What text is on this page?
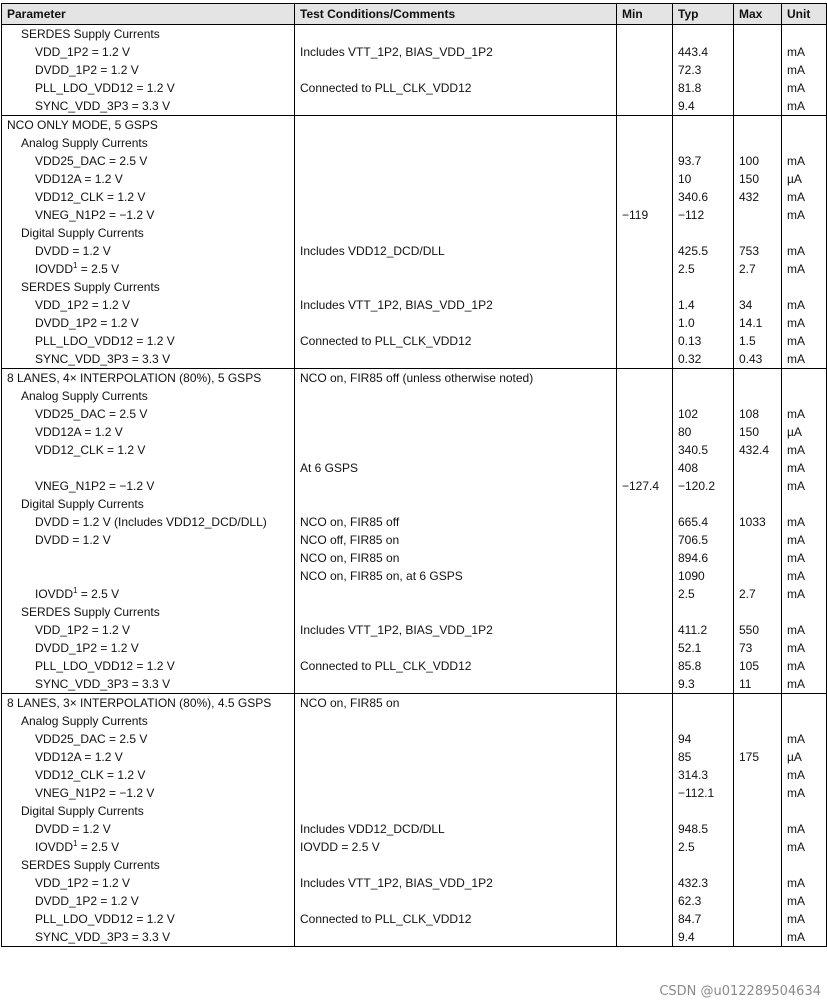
Parameter	Test Conditions/Comments	Min	Typ	Max	Unit
SERDES Supply Currents					
VDD_1P2 = 1.2 V	Includes VTT_1P2, BIAS_VDD_1P2		443.4		mA
DVDD_1P2 = 1.2 V			72.3		mA
PLL_LDO_VDD12 = 1.2 V	Connected to PLL_CLK_VDD12		81.8		mA
SYNC_VDD_3P3 = 3.3 V			9.4		mA
NCO ONLY MODE, 5 GSPS					
Analog Supply Currents					
VDD25_DAC = 2.5 V			93.7	100	mA
VDD12A = 1.2 V			10	150	µA
VDD12_CLK = 1.2 V			340.6	432	mA
VNEG_N1P2 = −1.2 V		−119	−112		mA
Digital Supply Currents					
DVDD = 1.2 V	Includes VDD12_DCD/DLL		425.5	753	mA
$IOVDD^1 = 2.5$ V			2.5	2.7	mA
SERDES Supply Currents					
VDD_1P2 = 1.2 V	Includes VTT_1P2, BIAS_VDD_1P2		1.4	34	mA
DVDD_1P2 = 1.2 V			1.0	14.1	mA
PLL_LDO_VDD12 = 1.2 V	Connected to PLL_CLK_VDD12		0.13	1.5	mA
SYNC_VDD_3P3 = 3.3 V			0.32	0.43	mA
8 LANES, 4× INTERPOLATION (80%), 5 GSPS	NCO on, FIR85 off (unless otherwise noted)				
Analog Supply Currents					
VDD25_DAC = 2.5 V			102	108	mA
VDD12A = 1.2 V			80	150	µA
VDD12_CLK = 1.2 V			340.5	432.4	mA
	At 6 GSPS		408		mA
VNEG_N1P2 = −1.2 V		−127.4	−120.2		mA
Digital Supply Currents					
DVDD = 1.2 V (Includes VDD12_DCD/DLL)	NCO on, FIR85 off		665.4	1033	mA
DVDD = 1.2 V	NCO off, FIR85 on		706.5		mA
	NCO on, FIR85 on		894.6		mA
	NCO on, FIR85 on, at 6 GSPS		1090		mA
$IOVDD^1 = 2.5$ V			2.5	2.7	mA
SERDES Supply Currents					
VDD_1P2 = 1.2 V	Includes VTT_1P2, BIAS_VDD_1P2		411.2	550	mA
DVDD_1P2 = 1.2 V			52.1	73	mA
PLL_LDO_VDD12 = 1.2 V	Connected to PLL_CLK_VDD12		85.8	105	mA
SYNC_VDD_3P3 = 3.3 V			9.3	11	mA
8 LANES, 3× INTERPOLATION (80%), 4.5 GSPS	NCO on, FIR85 on				
Analog Supply Currents					
VDD25_DAC = 2.5 V			94		mA
VDD12A = 1.2 V			85	175	µA
VDD12_CLK = 1.2 V			314.3		mA
VNEG_N1P2 = −1.2 V			−112.1		mA
Digital Supply Currents					
DVDD = 1.2 V	Includes VDD12_DCD/DLL		948.5		mA
$IOVDD^1 = 2.5$ V	IOVDD = 2.5 V		2.5		mA
SERDES Supply Currents					
VDD_1P2 = 1.2 V	Includes VTT_1P2, BIAS_VDD_1P2		432.3		mA
DVDD_1P2 = 1.2 V			62.3		mA
PLL_LDO_VDD12 = 1.2 V	Connected to PLL_CLK_VDD12		84.7		mA
SYNC_VDD_3P3 = 3.3 V			9.4		mA
CSDN @u012289504634
